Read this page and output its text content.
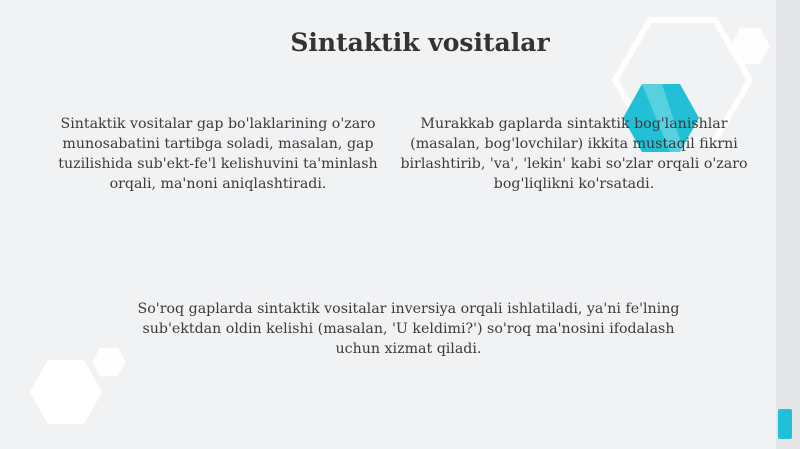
Sintaktik vositalar

Sintaktik vositalar gap bo'laklarining o'zaro munosabatini tartibga soladi, masalan, gap tuzilishida sub'ekt-fe'l kelishuvini ta'minlash orqali, ma'noni aniqlashtiradi.

Murakkab gaplarda sintaktik bog'lanishlar (masalan, bog'lovchilar) ikkita mustaqil fikrni birlashtirib, 'va', 'lekin' kabi so'zlar orqali o'zaro bog'liqlikni ko'rsatadi.

So'roq gaplarda sintaktik vositalar inversiya orqali ishlatiladi, ya'ni fe'lning sub'ektdan oldin kelishi (masalan, 'U keldimi?') so'roq ma'nosini ifodalash uchun xizmat qiladi.
